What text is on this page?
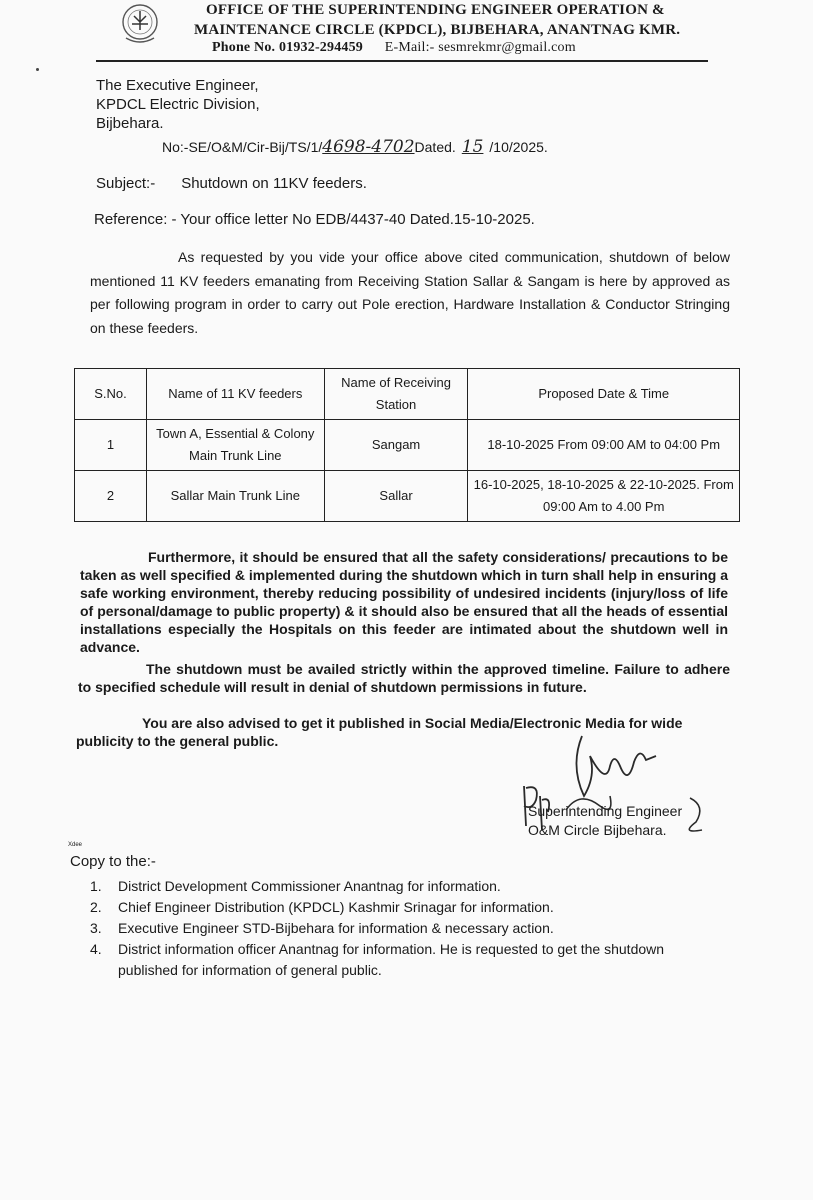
OFFICE OF THE SUPERINTENDING ENGINEER OPERATION &
MAINTENANCE CIRCLE (KPDCL), BIJBEHARA, ANANTNAG KMR.
Phone No. 01932-294459 E-Mail:- sesmrekmr@gmail.com
The Executive Engineer,
KPDCL Electric Division,
Bijbehara.
No:-SE/O&M/Cir-Bij/TS/1/4698-4702Dated. 15 /10/2025.
Subject:- Shutdown on 11KV feeders.
Reference: - Your office letter No EDB/4437-40 Dated.15-10-2025.
As requested by you vide your office above cited communication, shutdown of below mentioned 11 KV feeders emanating from Receiving Station Sallar & Sangam is here by approved as per following program in order to carry out Pole erection, Hardware Installation & Conductor Stringing on these feeders.
S.No.	Name of 11 KV feeders	Name of Receiving Station	Proposed Date & Time
1	Town A, Essential & Colony Main Trunk Line	Sangam	18-10-2025 From 09:00 AM to 04:00 Pm
2	Sallar Main Trunk Line	Sallar	16-10-2025, 18-10-2025 & 22-10-2025. From 09:00 Am to 4.00 Pm
Furthermore, it should be ensured that all the safety considerations/ precautions to be taken as well specified & implemented during the shutdown which in turn shall help in ensuring a safe working environment, thereby reducing possibility of undesired incidents (injury/loss of life of personal/damage to public property) & it should also be ensured that all the heads of essential installations especially the Hospitals on this feeder are intimated about the shutdown well in advance.
The shutdown must be availed strictly within the approved timeline. Failure to adhere to specified schedule will result in denial of shutdown permissions in future.
You are also advised to get it published in Social Media/Electronic Media for wide publicity to the general public.
Superintending Engineer
O&M Circle Bijbehara.
Xdee
Copy to the:-
1.	District Development Commissioner Anantnag for information.
2.	Chief Engineer Distribution (KPDCL) Kashmir Srinagar for information.
3.	Executive Engineer STD-Bijbehara for information & necessary action.
4.	District information officer Anantnag for information. He is requested to get the shutdown published for information of general public.
